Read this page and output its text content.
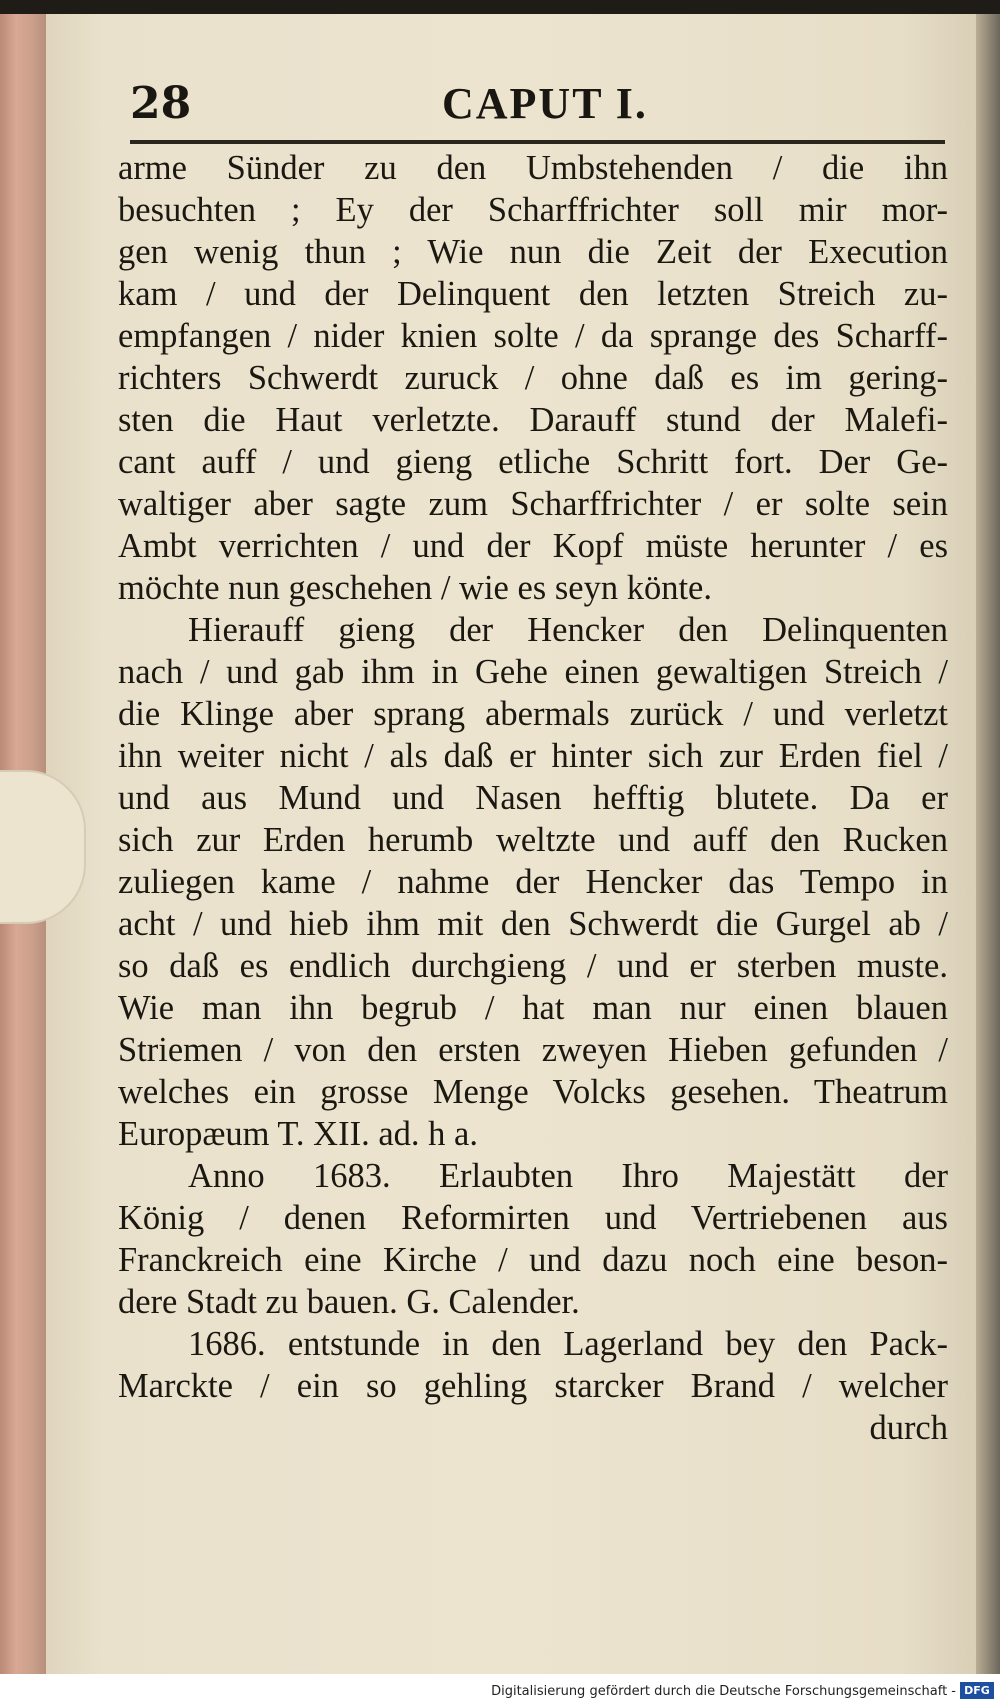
28	CAPUT I.
arme Sünder zu den Umbstehenden / die ihn
besuchten ; Ey der Scharffrichter soll mir mor-
gen wenig thun ; Wie nun die Zeit der Execution
kam / und der Delinquent den letzten Streich zu-
empfangen / nider knien solte / da sprange des Scharff-
richters Schwerdt zuruck / ohne daß es im gering-
sten die Haut verletzte. Darauff stund der Malefi-
cant auff / und gieng etliche Schritt fort. Der Ge-
waltiger aber sagte zum Scharffrichter / er solte sein
Ambt verrichten / und der Kopf müste herunter / es
möchte nun geschehen / wie es seyn könte.
Hierauff gieng der Hencker den Delinquenten
nach / und gab ihm in Gehe einen gewaltigen Streich /
die Klinge aber sprang abermals zurück / und verletzt
ihn weiter nicht / als daß er hinter sich zur Erden fiel /
und aus Mund und Nasen hefftig blutete. Da er
sich zur Erden herumb weltzte und auff den Rucken
zuliegen kame / nahme der Hencker das Tempo in
acht / und hieb ihm mit den Schwerdt die Gurgel ab /
so daß es endlich durchgieng / und er sterben muste.
Wie man ihn begrub / hat man nur einen blauen
Striemen / von den ersten zweyen Hieben gefunden /
welches ein grosse Menge Volcks gesehen. Theatrum
Europæum T. XII. ad. h a.
Anno 1683. Erlaubten Ihro Majestätt der
König / denen Reformirten und Vertriebenen aus
Franckreich eine Kirche / und dazu noch eine beson-
dere Stadt zu bauen. G. Calender.
1686. entstunde in den Lagerland bey den Pack-
Marckte / ein so gehling starcker Brand / welcher
durch
Digitalisierung gefördert durch die Deutsche Forschungsgemeinschaft - DFG
